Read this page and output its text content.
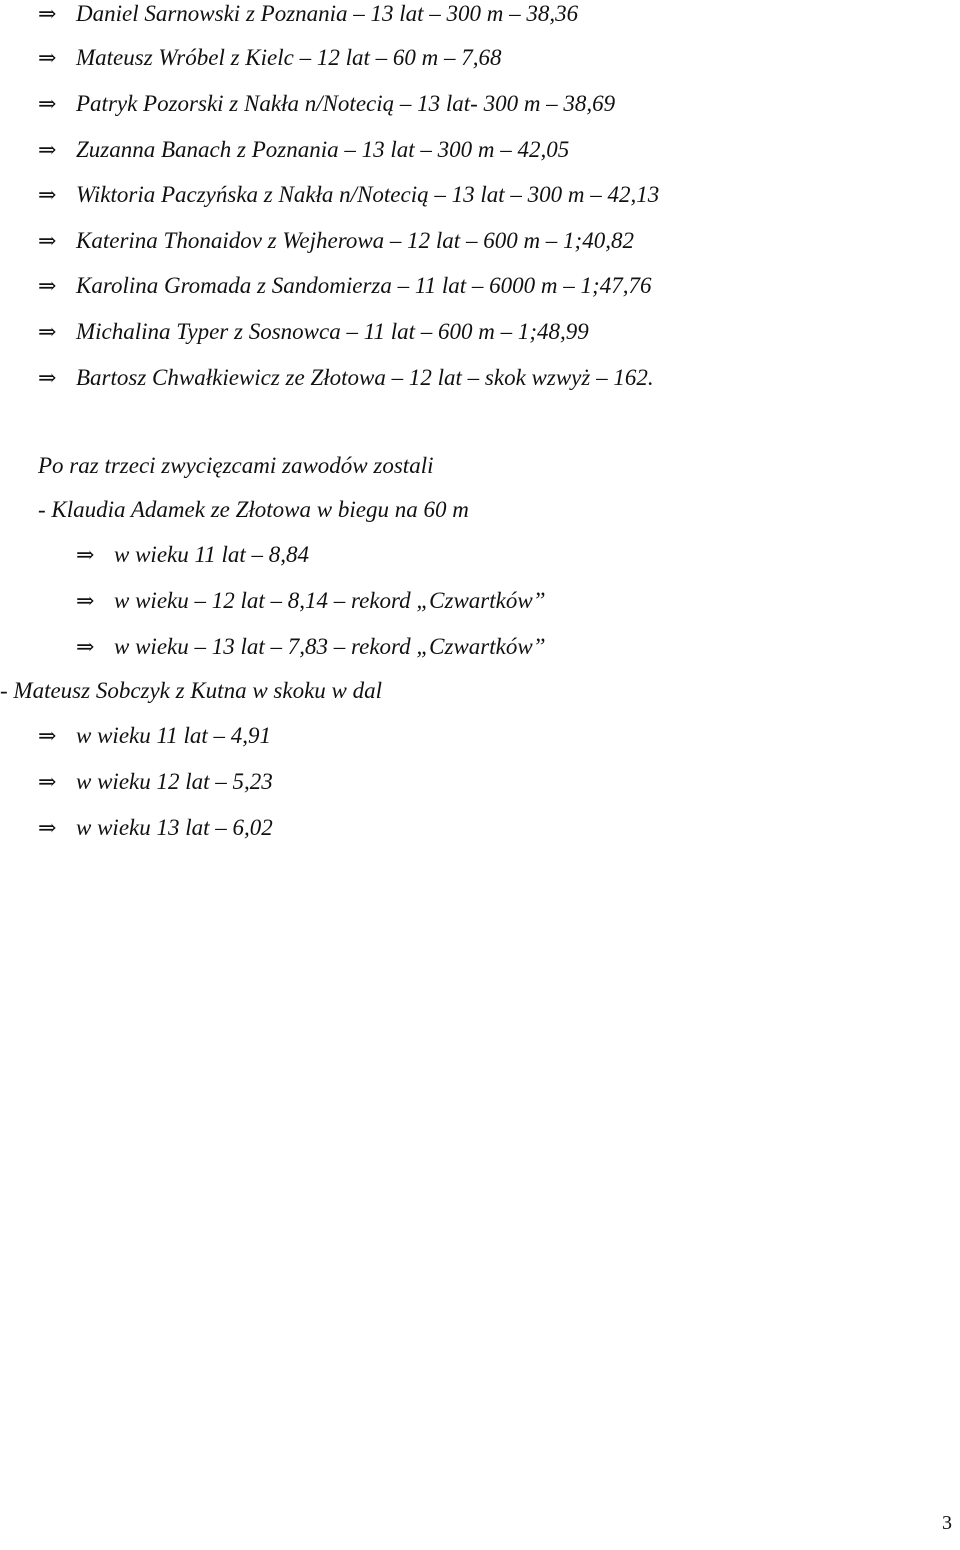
⇒ Daniel Sarnowski z Poznania – 13 lat – 300 m – 38,36
⇒ Mateusz Wróbel z Kielc – 12 lat – 60 m – 7,68
⇒ Patryk Pozorski z Nakła n/Notecią – 13 lat- 300 m – 38,69
⇒ Zuzanna Banach z Poznania – 13 lat – 300 m – 42,05
⇒ Wiktoria Paczyńska z Nakła n/Notecią – 13 lat – 300 m – 42,13
⇒ Katerina Thonaidov z Wejherowa – 12 lat – 600 m – 1;40,82
⇒ Karolina Gromada z Sandomierza – 11 lat – 6000 m – 1;47,76
⇒ Michalina Typer z Sosnowca – 11 lat – 600 m – 1;48,99
⇒ Bartosz Chwałkiewicz ze Złotowa – 12 lat – skok wzwyż – 162.
Po raz trzeci zwycięzcami zawodów zostali
- Klaudia Adamek ze Złotowa w biegu na 60 m
⇒ w wieku 11 lat – 8,84
⇒ w wieku – 12 lat – 8,14 – rekord „Czwartków”
⇒ w wieku – 13 lat – 7,83 – rekord „Czwartków”
- Mateusz Sobczyk z Kutna w skoku w dal
⇒ w wieku 11 lat – 4,91
⇒ w wieku 12 lat – 5,23
⇒ w wieku 13 lat – 6,02
3
